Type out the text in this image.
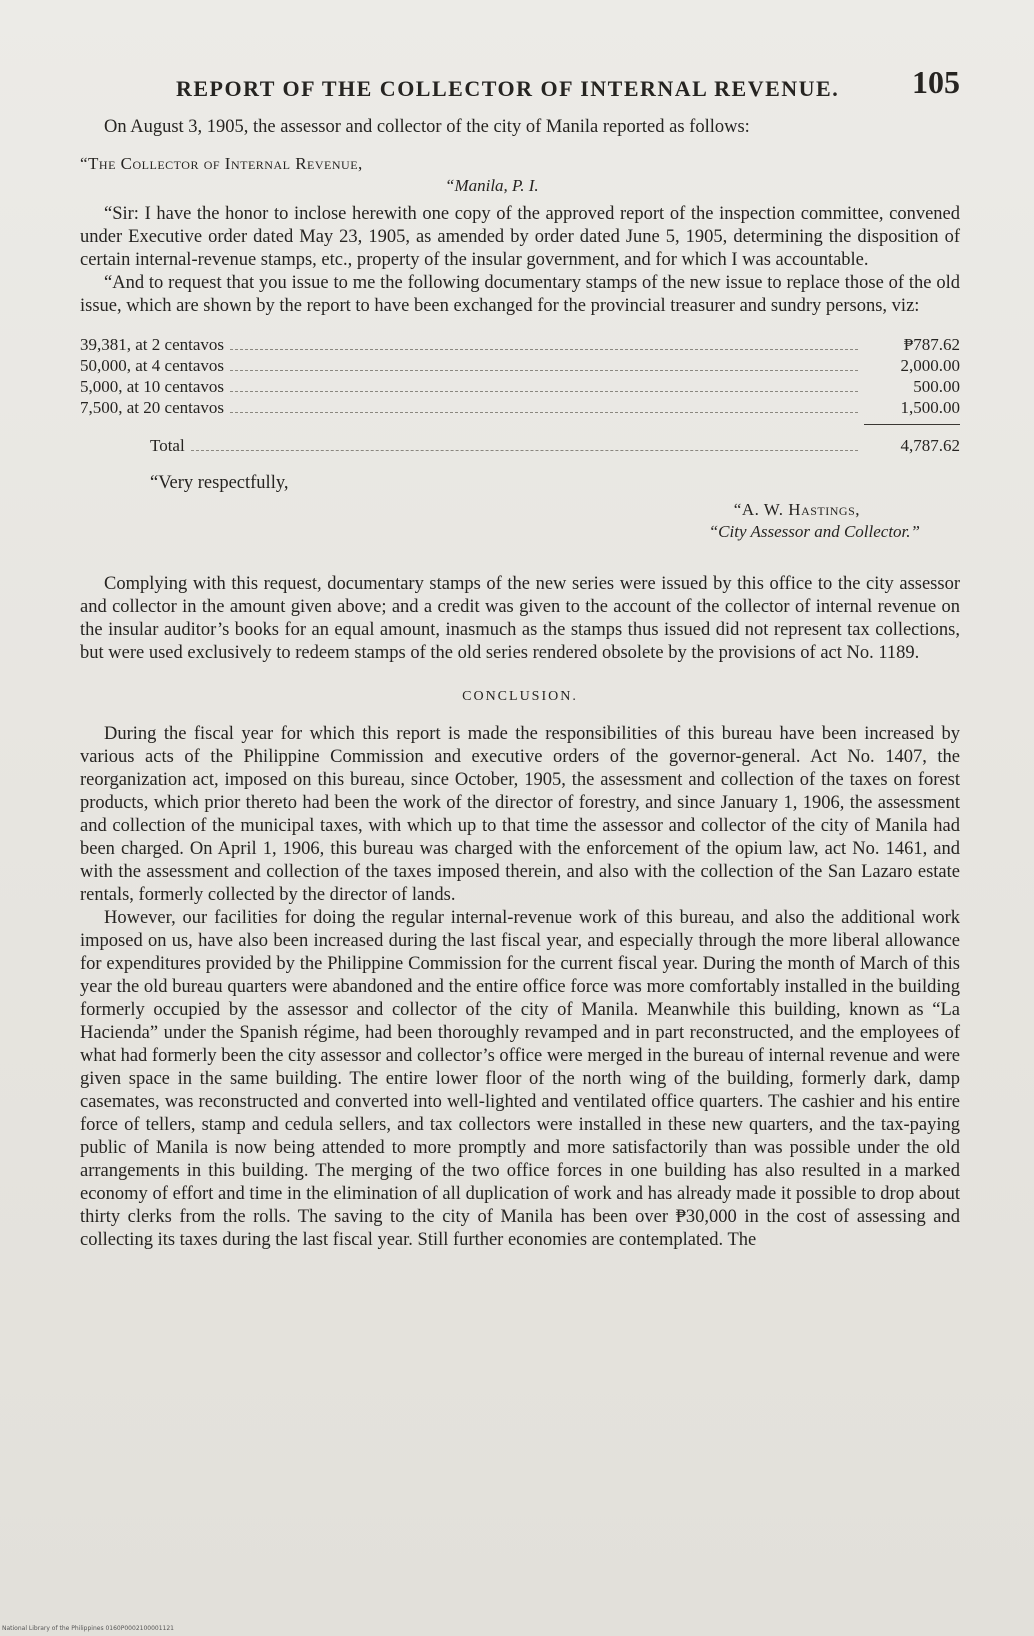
REPORT OF THE COLLECTOR OF INTERNAL REVENUE. 105

On August 3, 1905, the assessor and collector of the city of Manila reported as follows:

“The Collector of Internal Revenue,

“Manila, P. I.

“Sir: I have the honor to inclose herewith one copy of the approved report of the inspection committee, convened under Executive order dated May 23, 1905, as amended by order dated June 5, 1905, determining the disposition of certain internal-revenue stamps, etc., property of the insular government, and for which I was accountable.

“And to request that you issue to me the following documentary stamps of the new issue to replace those of the old issue, which are shown by the report to have been exchanged for the provincial treasurer and sundry persons, viz:

39,381, at 2 centavos	₱787.62
50,000, at 4 centavos	2,000.00
5,000, at 10 centavos	500.00
7,500, at 20 centavos	1,500.00
Total	4,787.62

“Very respectfully,

“A. W. Hastings,
“City Assessor and Collector.”

Complying with this request, documentary stamps of the new series were issued by this office to the city assessor and collector in the amount given above; and a credit was given to the account of the collector of internal revenue on the insular auditor’s books for an equal amount, inasmuch as the stamps thus issued did not represent tax collections, but were used exclusively to redeem stamps of the old series rendered obsolete by the provisions of act No. 1189.

CONCLUSION.

During the fiscal year for which this report is made the responsibilities of this bureau have been increased by various acts of the Philippine Commission and executive orders of the governor-general. Act No. 1407, the reorganization act, imposed on this bureau, since October, 1905, the assessment and collection of the taxes on forest products, which prior thereto had been the work of the director of forestry, and since January 1, 1906, the assessment and collection of the municipal taxes, with which up to that time the assessor and collector of the city of Manila had been charged. On April 1, 1906, this bureau was charged with the enforcement of the opium law, act No. 1461, and with the assessment and collection of the taxes imposed therein, and also with the collection of the San Lazaro estate rentals, formerly collected by the director of lands.

However, our facilities for doing the regular internal-revenue work of this bureau, and also the additional work imposed on us, have also been increased during the last fiscal year, and especially through the more liberal allowance for expenditures provided by the Philippine Commission for the current fiscal year. During the month of March of this year the old bureau quarters were abandoned and the entire office force was more comfortably installed in the building formerly occupied by the assessor and collector of the city of Manila. Meanwhile this building, known as “La Hacienda” under the Spanish régime, had been thoroughly revamped and in part reconstructed, and the employees of what had formerly been the city assessor and collector’s office were merged in the bureau of internal revenue and were given space in the same building. The entire lower floor of the north wing of the building, formerly dark, damp casemates, was reconstructed and converted into well-lighted and ventilated office quarters. The cashier and his entire force of tellers, stamp and cedula sellers, and tax collectors were installed in these new quarters, and the tax-paying public of Manila is now being attended to more promptly and more satisfactorily than was possible under the old arrangements in this building. The merging of the two office forces in one building has also resulted in a marked economy of effort and time in the elimination of all duplication of work and has already made it possible to drop about thirty clerks from the rolls. The saving to the city of Manila has been over ₱30,000 in the cost of assessing and collecting its taxes during the last fiscal year. Still further economies are contemplated. The

National Library of the Philippines 0160P0002100001121
